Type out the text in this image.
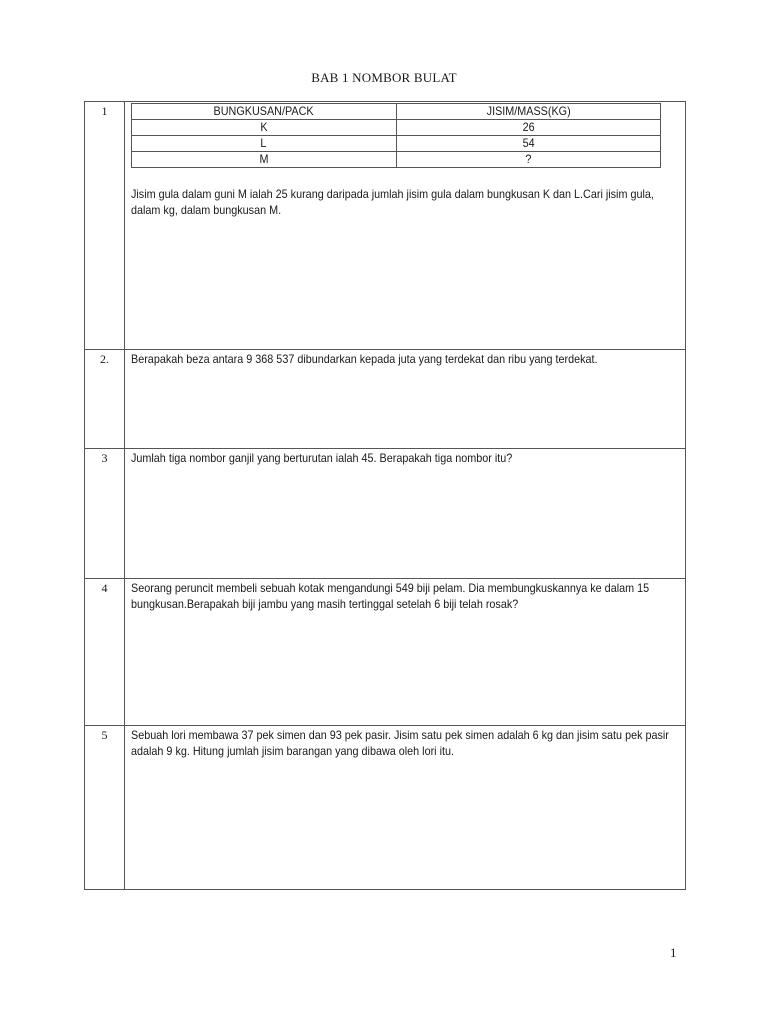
BAB 1 NOMBOR BULAT
1		BUNGKUSAN/PACK	JISIM/MASS(KG)
K	26
L	54
M	?
Jisim gula dalam guni M ialah 25 kurang daripada jumlah jisim gula dalam bungkusan K dan L.Cari jisim gula, dalam kg, dalam bungkusan M.

2.	Berapakah beza antara 9 368 537 dibundarkan kepada juta yang terdekat dan ribu yang terdekat.

3	Jumlah tiga nombor ganjil yang berturutan ialah 45. Berapakah tiga nombor itu?

4	Seorang peruncit membeli sebuah kotak mengandungi 549 biji pelam. Dia membungkuskannya ke dalam 15 bungkusan.Berapakah biji jambu yang masih tertinggal setelah 6 biji telah rosak?

5	Sebuah lori membawa 37 pek simen dan 93 pek pasir. Jisim satu pek simen adalah 6 kg dan jisim satu pek pasir adalah 9 kg. Hitung jumlah jisim barangan yang dibawa oleh lori itu.
1
